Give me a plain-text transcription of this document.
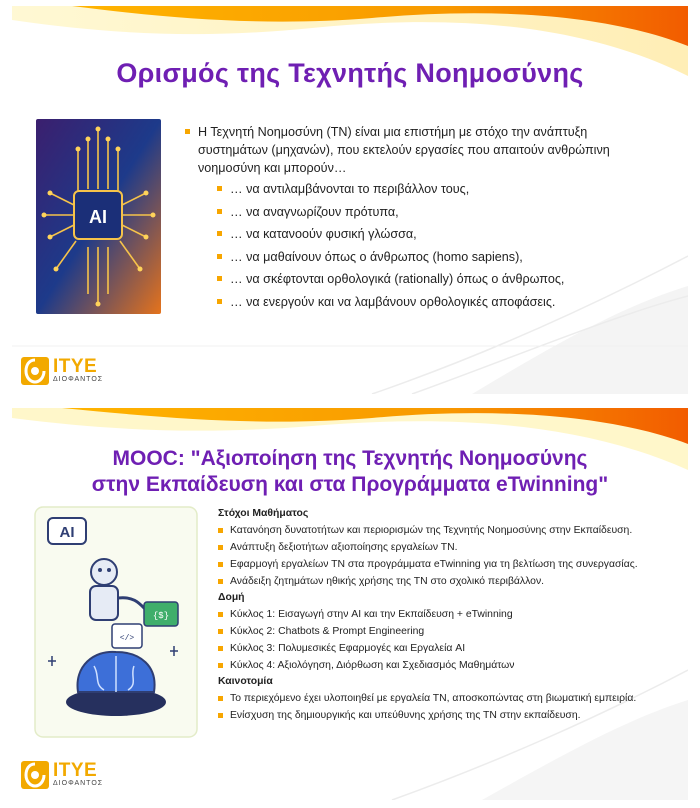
Ορισμός της Τεχνητής Νοημοσύνης
AI
Η Τεχνητή Νοημοσύνη (ΤΝ) είναι μια επιστήμη με στόχο την ανάπτυξη συστημάτων (μηχανών), που εκτελούν εργασίες που απαιτούν ανθρώπινη νοημοσύνη και μπορούν…
… να αντιλαμβάνονται το περιβάλλον τους,
… να αναγνωρίζουν πρότυπα,
… να κατανοούν φυσική γλώσσα,
… να μαθαίνουν όπως ο άνθρωπος (homo sapiens),
… να σκέφτονται ορθολογικά (rationally) όπως ο άνθρωπος,
… να ενεργούν και να λαμβάνουν ορθολογικές αποφάσεις.
ITYE
ΔΙΟΦΑΝΤΟΣ
MOOC: "Αξιοποίηση της Τεχνητής Νοημοσύνης
στην Εκπαίδευση και στα Προγράμματα eTwinning"
AI
{$}
</>
Στόχοι Μαθήματος
Κατανόηση δυνατοτήτων και περιορισμών της Τεχνητής Νοημοσύνης στην Εκπαίδευση.
Ανάπτυξη δεξιοτήτων αξιοποίησης εργαλείων ΤΝ.
Εφαρμογή εργαλείων ΤΝ στα προγράμματα eTwinning για τη βελτίωση της συνεργασίας.
Ανάδειξη ζητημάτων ηθικής χρήσης της ΤΝ στο σχολικό περιβάλλον.
Δομή
Κύκλος 1: Εισαγωγή στην AI και την Εκπαίδευση + eTwinning
Κύκλος 2: Chatbots & Prompt Engineering
Κύκλος 3: Πολυμεσικές Εφαρμογές και Εργαλεία AI
Κύκλος 4: Αξιολόγηση, Διόρθωση και Σχεδιασμός Μαθημάτων
Καινοτομία
Το περιεχόμενο έχει υλοποιηθεί με εργαλεία ΤΝ, αποσκοπώντας στη βιωματική εμπειρία.
Ενίσχυση της δημιουργικής και υπεύθυνης χρήσης της ΤΝ στην εκπαίδευση.
ITYE
ΔΙΟΦΑΝΤΟΣ
